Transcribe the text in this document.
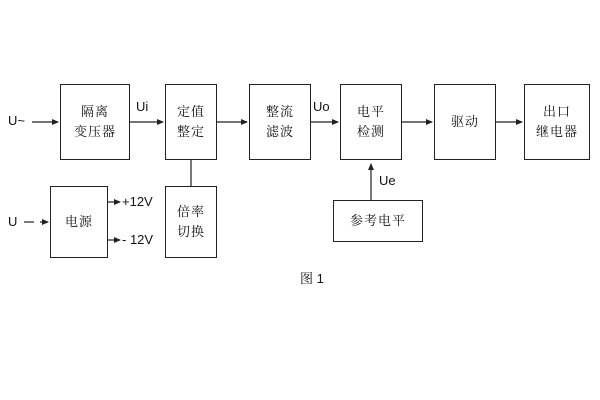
隔离
变压器
定值
整定
整流
滤波
电平
检测
驱动
出口
继电器
电源
倍率
切换
参考电平
U~
Ui	Uo
U
+12V
- 12V
Ue
图 1
